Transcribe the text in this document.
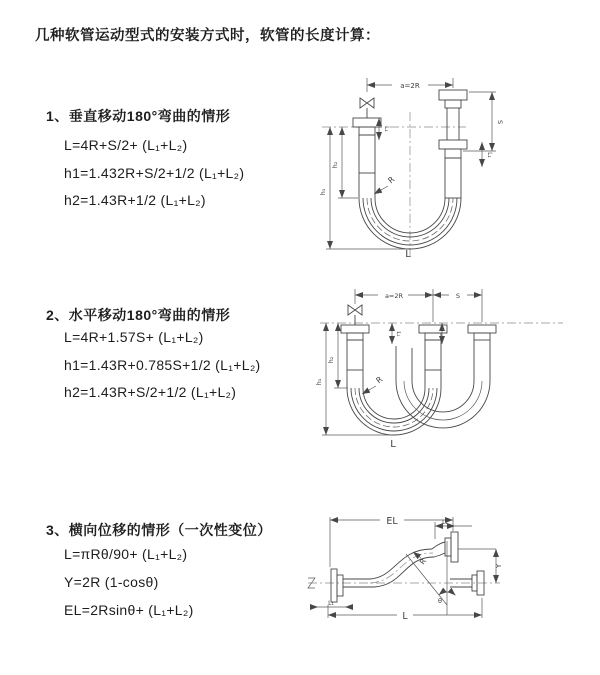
几种软管运动型式的安装方式时，软管的长度计算：

1、垂直移动180°弯曲的情形

L=4R+S/2+ (L₁+L₂)

h1=1.432R+S/2+1/2 (L₁+L₂)

h2=1.43R+1/2 (L₁+L₂)

2、水平移动180°弯曲的情形

L=4R+1.57S+ (L₁+L₂)

h1=1.43R+0.785S+1/2 (L₁+L₂)

h2=1.43R+S/2+1/2 (L₁+L₂)

3、横向位移的情形（一次性变位）

L=πRθ/90+ (L₁+L₂)

Y=2R (1-cosθ)

EL=2Rsinθ+ (L₁+L₂)

a=2R
L₁
S
L₁
R
h₁
h₂
L
a=2R	S
L₁
R
h₁
h₂
L
EL	L₁
Y
R
θ
L
L₁
